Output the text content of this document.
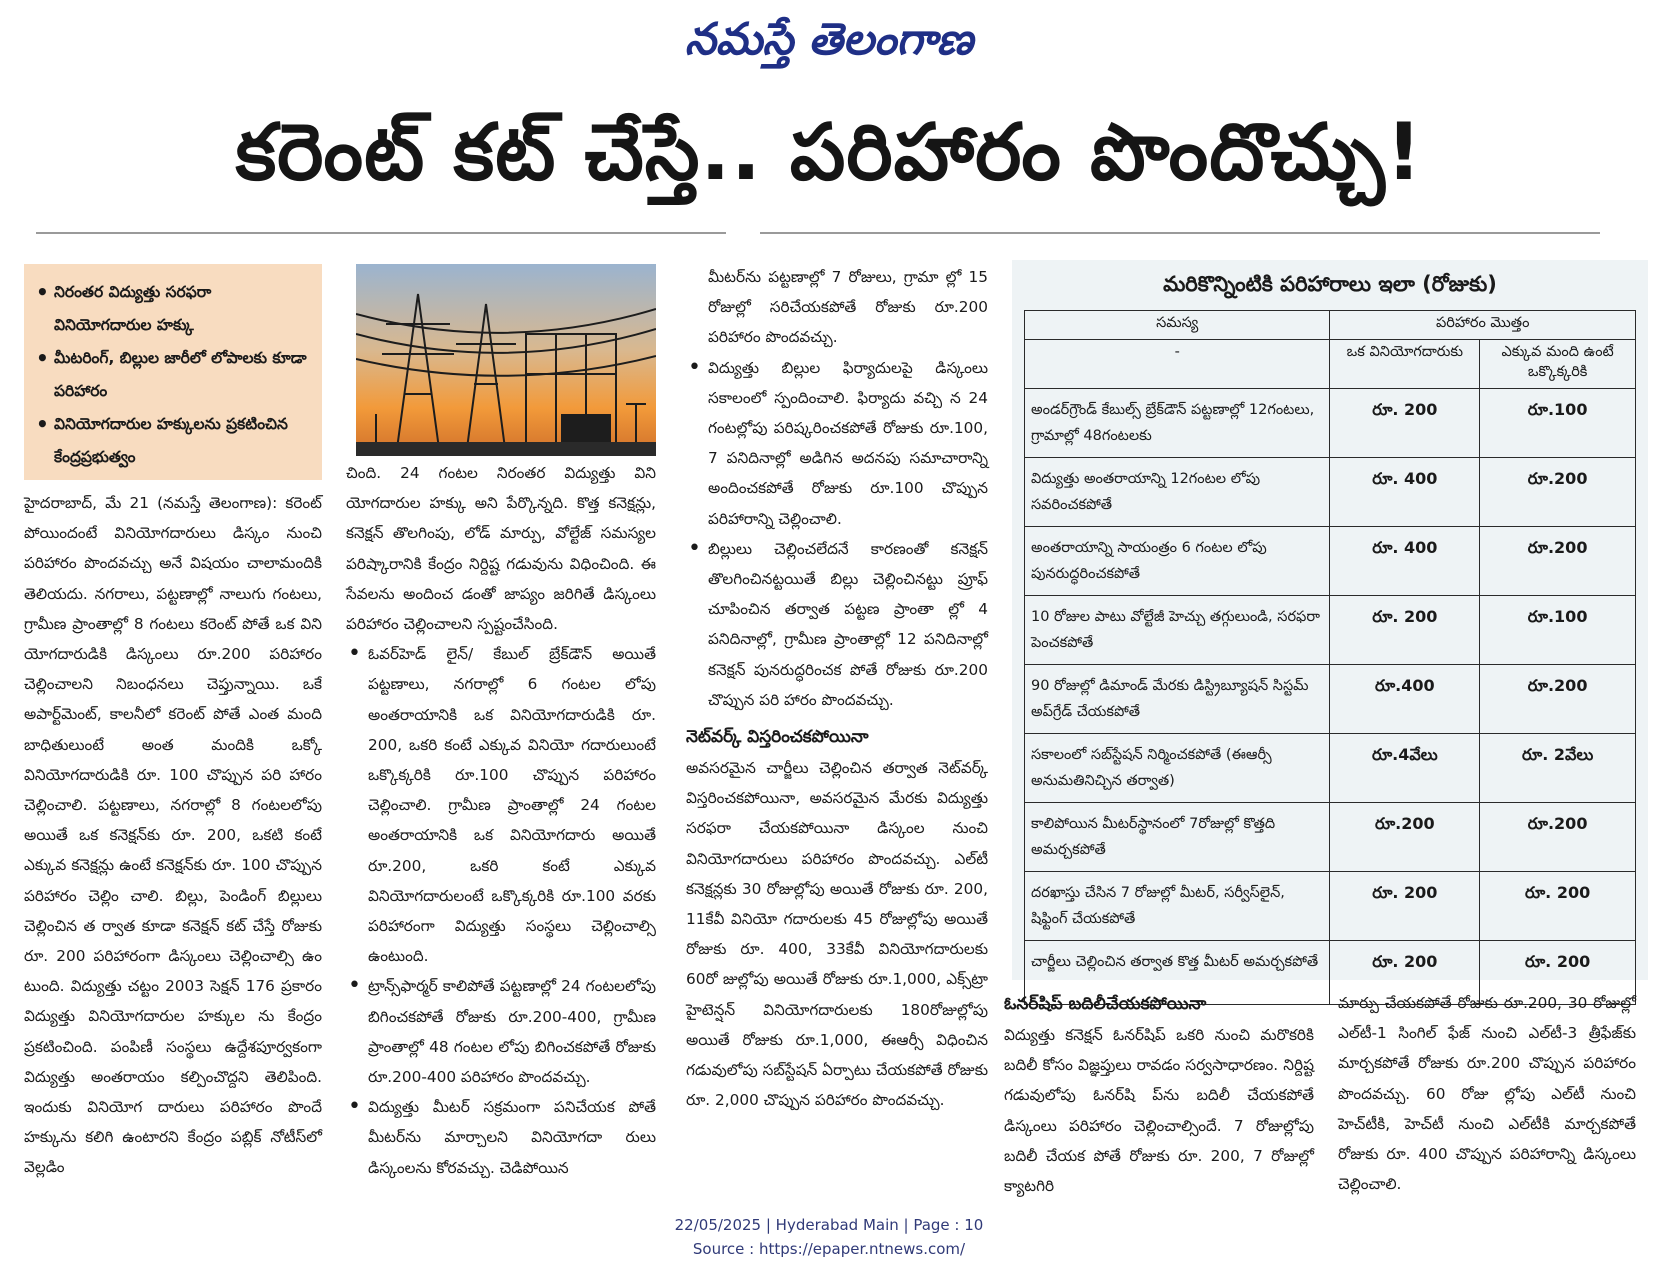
నమస్తే తెలంగాణ
కరెంట్ కట్ చేస్తే.. పరిహారం పొందొచ్చు!
• నిరంతర విద్యుత్తు సరఫరా వినియోగదారుల హక్కు
• మీటరింగ్, బిల్లుల జారీలో లోపాలకు కూడా పరిహారం
• వినియోగదారుల హక్కులను ప్రకటించిన కేంద్రప్రభుత్వం

హైదరాబాద్, మే 21 (నమస్తే తెలంగాణ): కరెంట్ పోయిందంటే వినియోగదారులు డిస్కం నుంచి పరిహారం పొందవచ్చు అనే విషయం చాలామందికి తెలియదు. నగరాలు, పట్టణాల్లో నాలుగు గంటలు, గ్రామీణ ప్రాంతాల్లో 8 గంటలు కరెంట్ పోతే ఒక విని యోగదారుడికి డిస్కంలు రూ.200 పరిహారం చెల్లించాలని నిబంధనలు చెప్తున్నాయి. ఒకే అపార్ట్‌మెంట్, కాలనీలో కరెంట్ పోతే ఎంత మంది బాధితులుంటే అంత మందికి ఒక్కో వినియోగదారుడికి రూ. 100 చొప్పున పరి హారం చెల్లించాలి. పట్టణాలు, నగరాల్లో 8 గంటలలోపు అయితే ఒక కనెక్షన్‌కు రూ. 200, ఒకటి కంటే ఎక్కువ కనెక్షన్లు ఉంటే కనెక్షన్‌కు రూ. 100 చొప్పున పరిహారం చెల్లిం చాలి. బిల్లు, పెండింగ్ బిల్లులు చెల్లించిన త ర్వాత కూడా కనెక్షన్ కట్ చేస్తే రోజుకు రూ. 200 పరిహారంగా డిస్కంలు చెల్లించాల్సి ఉం టుంది. విద్యుత్తు చట్టం 2003 సెక్షన్ 176 ప్రకారం విద్యుత్తు వినియోగదారుల హక్కుల ను కేంద్రం ప్రకటించింది. పంపిణీ సంస్థలు ఉద్దేశపూర్వకంగా విద్యుత్తు అంతరాయం కల్పించొద్దని తెలిపింది. ఇందుకు వినియోగ దారులు పరిహారం పొందే హక్కును కలిగి ఉంటారని కేంద్రం పబ్లిక్ నోటీస్‌లో వెల్లడిం

చింది. 24 గంటల నిరంతర విద్యుత్తు విని యోగదారుల హక్కు అని పేర్కొన్నది. కొత్త కనెక్షన్లు, కనెక్షన్ తొలగింపు, లోడ్ మార్పు, వోల్టేజ్ సమస్యల పరిష్కారానికి కేంద్రం నిర్దిష్ట గడువును విధించింది. ఈ సేవలను అందించ డంతో జాప్యం జరిగితే డిస్కంలు పరిహారం చెల్లించాలని స్పష్టంచేసింది.

• ఓవర్‌హెడ్ లైన్/ కేబుల్ బ్రేక్‌డౌన్ అయితే పట్టణాలు, నగరాల్లో 6 గంటల లోపు అంతరాయానికి ఒక వినియోగదారుడికి రూ. 200, ఒకరి కంటే ఎక్కువ వినియో గదారులుంటే ఒక్కొక్కరికి రూ.100 చొప్పున పరిహారం చెల్లించాలి. గ్రామీణ ప్రాంతాల్లో 24 గంటల అంతరాయానికి ఒక వినియోగదారు అయితే రూ.200, ఒకరి కంటే ఎక్కువ వినియోగదారులంటే ఒక్కొక్కరికి రూ.100 వరకు పరిహారంగా విద్యుత్తు సంస్థలు చెల్లించాల్సి ఉంటుంది.
• ట్రాన్స్‌ఫార్మర్ కాలిపోతే పట్టణాల్లో 24 గంటలలోపు బిగించకపోతే రోజుకు రూ.200-400, గ్రామీణ ప్రాంతాల్లో 48 గంటల లోపు బిగించకపోతే రోజుకు రూ.200-400 పరిహారం పొందవచ్చు.
• విద్యుత్తు మీటర్ సక్రమంగా పనిచేయక పోతే మీటర్‌ను మార్చాలని వినియోగదా రులు డిస్కంలను కోరవచ్చు. చెడిపోయిన

మీటర్‌ను పట్టణాల్లో 7 రోజులు, గ్రామా ల్లో 15 రోజుల్లో సరిచేయకపోతే రోజుకు రూ.200 పరిహారం పొందవచ్చు.

• విద్యుత్తు బిల్లుల ఫిర్యాదులపై డిస్కంలు సకాలంలో స్పందించాలి. ఫిర్యాదు వచ్చి న 24 గంటల్లోపు పరిష్కరించకపోతే రోజుకు రూ.100, 7 పనిదినాల్లో అడిగిన అదనపు సమాచారాన్ని అందించకపోతే రోజుకు రూ.100 చొప్పున పరిహారాన్ని చెల్లించాలి.
• బిల్లులు చెల్లించలేదనే కారణంతో కనెక్షన్ తొలగించినట్టయితే బిల్లు చెల్లించినట్టు ప్రూఫ్ చూపించిన తర్వాత పట్టణ ప్రాంతా ల్లో 4 పనిదినాల్లో, గ్రామీణ ప్రాంతాల్లో 12 పనిదినాల్లో కనెక్షన్ పునరుద్ధరించక పోతే రోజుకు రూ.200 చొప్పున పరి హారం పొందవచ్చు.

నెట్‌వర్క్ విస్తరించకపోయినా

అవసరమైన చార్జీలు చెల్లించిన తర్వాత నెట్‌వర్క్ విస్తరించకపోయినా, అవసరమైన మేరకు విద్యుత్తు సరఫరా చేయకపోయినా డిస్కంల నుంచి వినియోగదారులు పరిహారం పొందవచ్చు. ఎల్‌టీ కనెక్షన్లకు 30 రోజుల్లోపు అయితే రోజుకు రూ. 200, 11కేవీ వినియో గదారులకు 45 రోజుల్లోపు అయితే రోజుకు రూ. 400, 33కేవీ వినియోగదారులకు 60రో జుల్లోపు అయితే రోజుకు రూ.1,000, ఎక్స్‌ట్రా హైటెన్షన్ వినియోగదారులకు 180రోజుల్లోపు అయితే రోజుకు రూ.1,000, ఈఆర్సీ విధించిన గడువులోపు సబ్‌స్టేషన్ ఏర్పాటు చేయకపోతే రోజుకు రూ. 2,000 చొప్పున పరిహారం పొందవచ్చు.

మరికొన్నింటికి పరిహారాలు ఇలా (రోజుకు)
సమస్య	పరిహారం మొత్తం	
-	ఒక వినియోగదారుకు	ఎక్కువ మంది ఉంటే ఒక్కొక్కరికి
అండర్‌గ్రౌండ్ కేబుల్స్ బ్రేక్‌డౌన్ పట్టణాల్లో 12గంటలు, గ్రామాల్లో 48గంటలకు	రూ. 200	రూ.100
విద్యుత్తు అంతరాయాన్ని 12గంటల లోపు సవరించకపోతే	రూ. 400	రూ.200
అంతరాయాన్ని సాయంత్రం 6 గంటల లోపు పునరుద్ధరించకపోతే	రూ. 400	రూ.200
10 రోజుల పాటు వోల్టేజీ హెచ్చు తగ్గులుండి, సరఫరా పెంచకపోతే	రూ. 200	రూ.100
90 రోజుల్లో డిమాండ్ మేరకు డిస్ట్రిబ్యూషన్ సిస్టమ్ అప్‌గ్రేడ్ చేయకపోతే	రూ.400	రూ.200
సకాలంలో సబ్‌స్టేషన్ నిర్మించకపోతే (ఈఆర్సీ అనుమతినిచ్చిన తర్వాత)	రూ.4వేలు	రూ. 2వేలు
కాలిపోయిన మీటర్‌స్థానంలో 7రోజుల్లో కొత్తది అమర్చకపోతే	రూ.200	రూ.200
దరఖాస్తు చేసిన 7 రోజుల్లో మీటర్, సర్వీస్‌లైన్, షిఫ్టింగ్ చేయకపోతే	రూ. 200	రూ. 200
చార్జీలు చెల్లించిన తర్వాత కొత్త మీటర్ అమర్చకపోతే	రూ. 200	రూ. 200

ఓనర్‌షిప్ బదిలీచేయకపోయినా

విద్యుత్తు కనెక్షన్ ఓనర్‌షిప్ ఒకరి నుంచి మరొకరికి బదిలీ కోసం విజ్ఞప్తులు రావడం సర్వసాధారణం. నిర్దిష్ట గడువులోపు ఓనర్‌షి ప్‌ను బదిలీ చేయకపోతే డిస్కంలు పరిహారం చెల్లించాల్సిందే. 7 రోజుల్లోపు బదిలీ చేయక పోతే రోజుకు రూ. 200, 7 రోజుల్లో క్యాటగిరి

మార్పు చేయకపోతే రోజుకు రూ.200, 30 రోజుల్లో ఎల్‌టీ-1 సింగిల్ ఫేజ్ నుంచి ఎల్‌టీ-3 త్రీఫేజ్‌కు మార్చకపోతే రోజుకు రూ.200 చొప్పున పరిహారం పొందవచ్చు. 60 రోజు ల్లోపు ఎల్‌టీ నుంచి హెచ్‌టీకి, హెచ్‌టీ నుంచి ఎల్‌టీకి మార్చకపోతే రోజుకు రూ. 400 చొప్పున పరిహారాన్ని డిస్కంలు చెల్లించాలి.

22/05/2025 | Hyderabad Main | Page : 10
Source : https://epaper.ntnews.com/
